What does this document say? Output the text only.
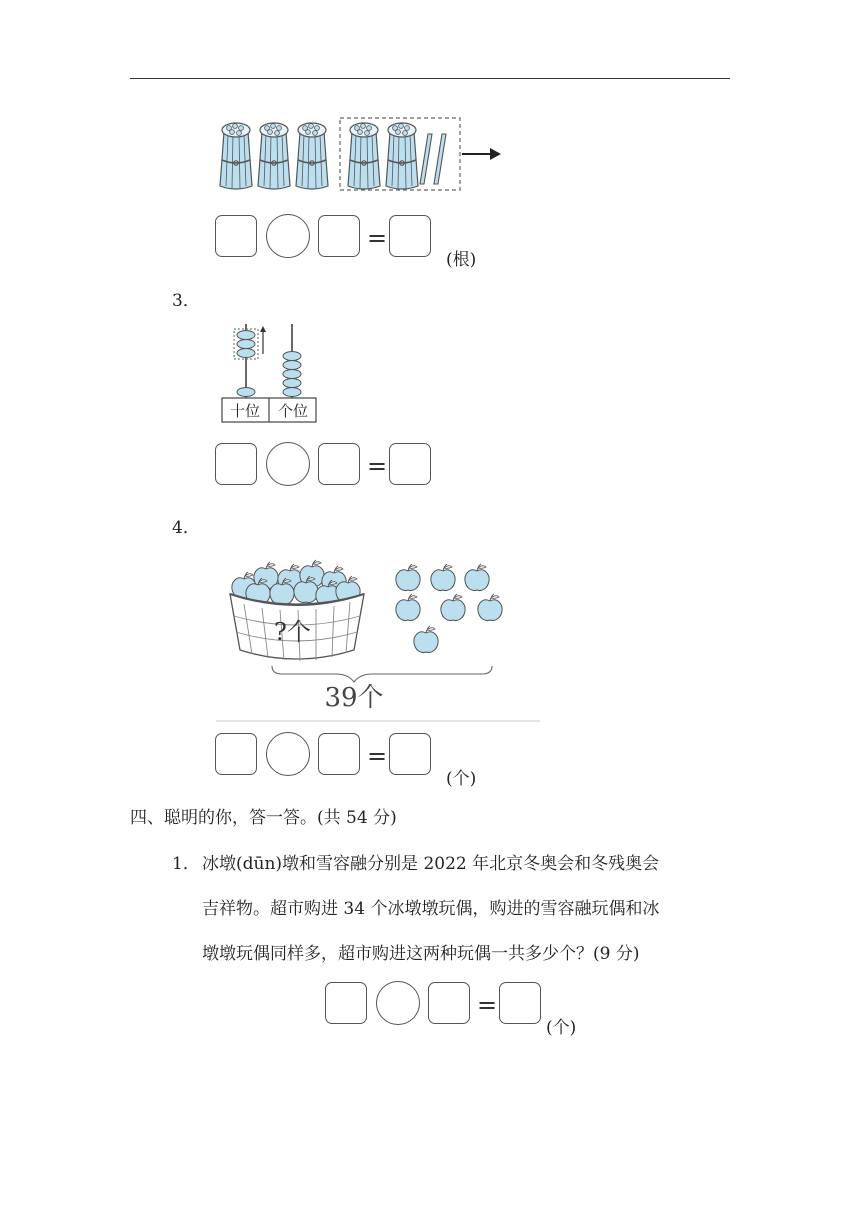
=
(根)
3．
十位 个位
=
4．
?个
39个
=
(个)
四、聪明的你，答一答。(共 54 分)
1． 冰墩(dūn)墩和雪容融分别是 2022 年北京冬奥会和冬残奥会
吉祥物。超市购进 34 个冰墩墩玩偶，购进的雪容融玩偶和冰
墩墩玩偶同样多，超市购进这两种玩偶一共多少个？(9 分)
=
(个)
